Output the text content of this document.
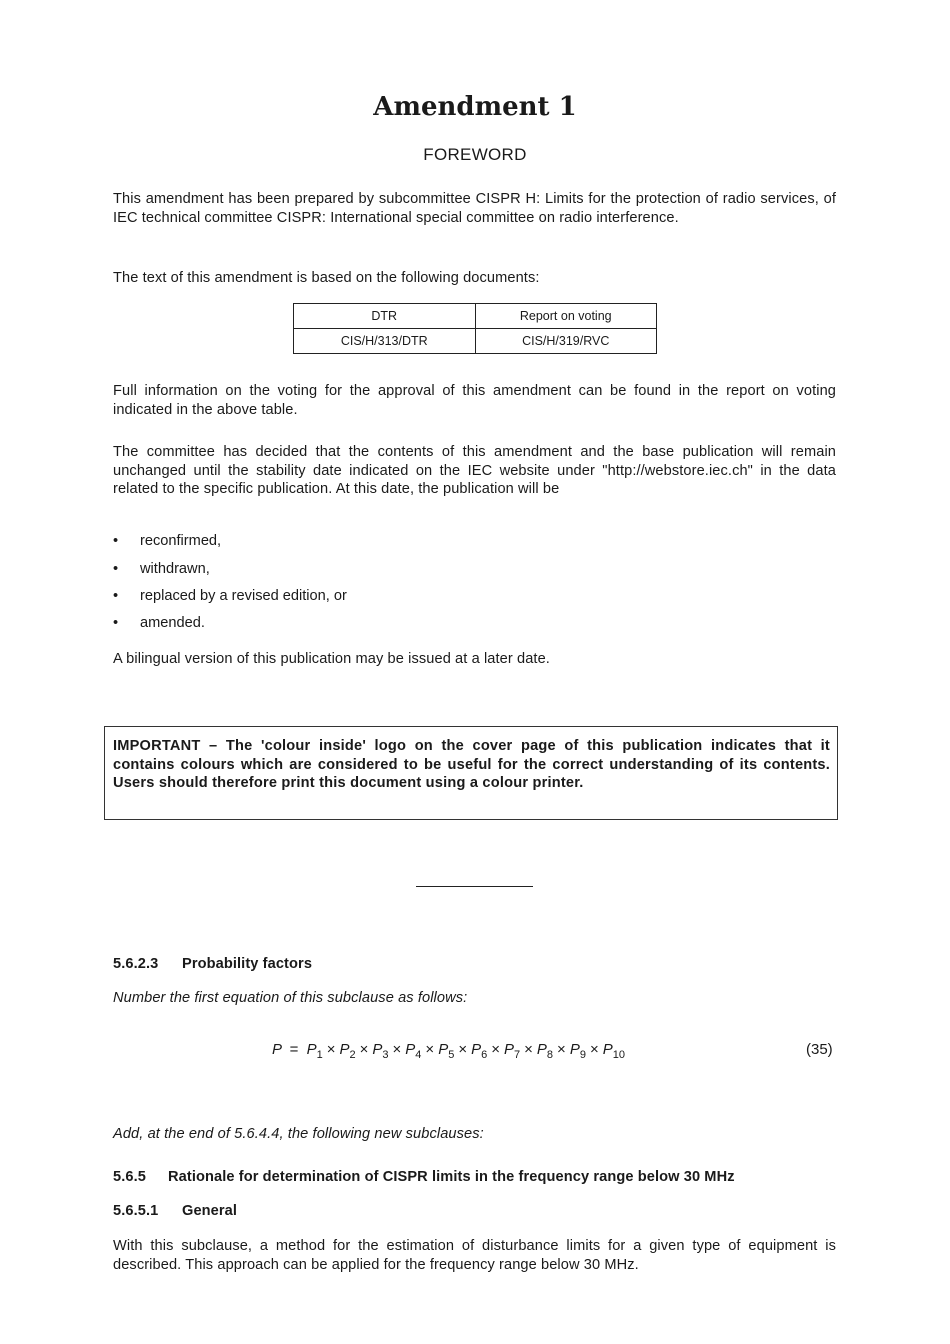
Amendment 1
FOREWORD
This amendment has been prepared by subcommittee CISPR H: Limits for the protection of radio services, of IEC technical committee CISPR: International special committee on radio interference.
The text of this amendment is based on the following documents:
DTR	Report on voting
CIS/H/313/DTR	CIS/H/319/RVC
Full information on the voting for the approval of this amendment can be found in the report on voting indicated in the above table.
The committee has decided that the contents of this amendment and the base publication will remain unchanged until the stability date indicated on the IEC website under "http://webstore.iec.ch" in the data related to the specific publication. At this date, the publication will be
•	reconfirmed,
•	withdrawn,
•	replaced by a revised edition, or
•	amended.
A bilingual version of this publication may be issued at a later date.
IMPORTANT – The 'colour inside' logo on the cover page of this publication indicates that it contains colours which are considered to be useful for the correct understanding of its contents. Users should therefore print this document using a colour printer.
5.6.2.3 Probability factors
Number the first equation of this subclause as follows:
$P = P_1 \times P_2 \times P_3 \times P_4 \times P_5 \times P_6 \times P_7 \times P_8 \times P_9 \times P_{10}$	(35)
Add, at the end of 5.6.4.4, the following new subclauses:
5.6.5 Rationale for determination of CISPR limits in the frequency range below 30 MHz
5.6.5.1 General
With this subclause, a method for the estimation of disturbance limits for a given type of equipment is described. This approach can be applied for the frequency range below 30 MHz.
